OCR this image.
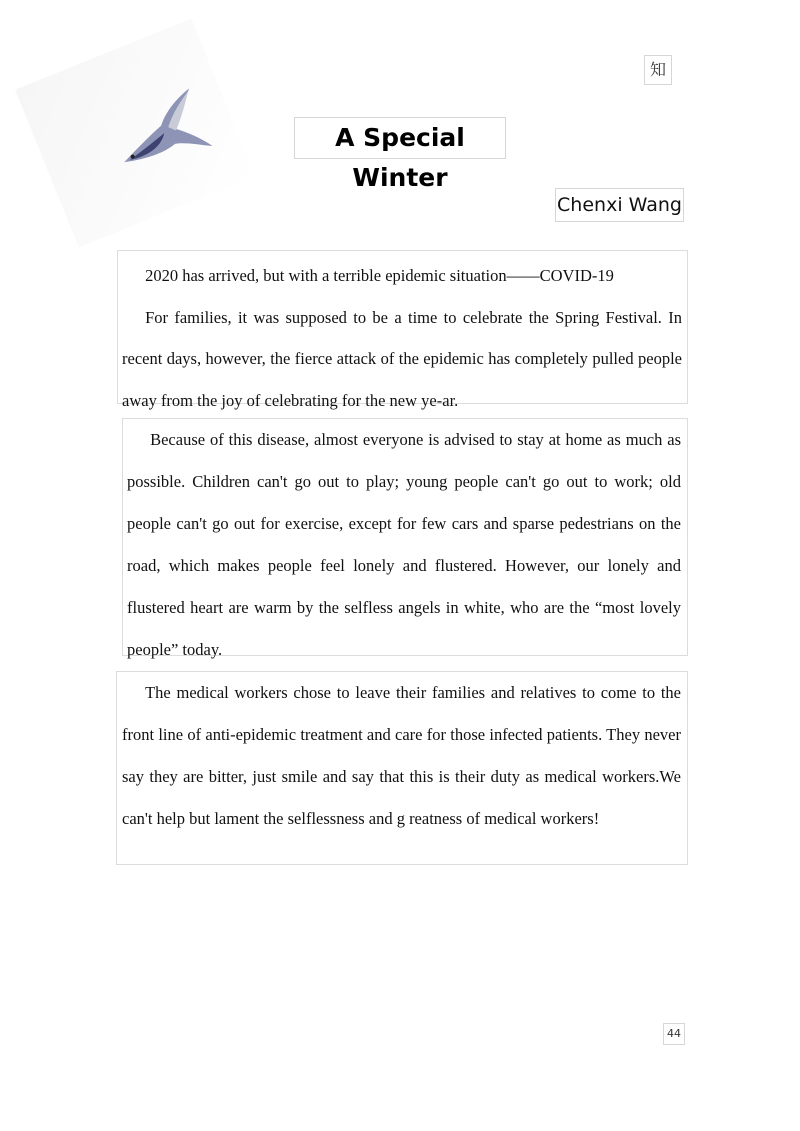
知
A Special Winter
Chenxi Wang

2020 has arrived, but with a terrible epidemic situation——COVID-19

For families, it was supposed to be a time to celebrate the Spring Festival. In recent days, however, the fierce attack of the epidemic has completely pulled people away from the joy of celebrating for the new ye-ar.

Because of this disease, almost everyone is advised to stay at home as much as possible. Children can't go out to play; young people can't go out to work; old people can't go out for exercise, except for few cars and sparse pedestrians on the road, which makes people feel lonely and flustered. However, our lonely and flustered heart are warm by the selfless angels in white, who are the “most lovely people” today.

The medical workers chose to leave their families and relatives to come to the front line of anti-epidemic treatment and care for those infected patients. They never say they are bitter, just smile and say that this is their duty as medical workers.We can't help but lament the selflessness and g reatness of medical workers!

44
